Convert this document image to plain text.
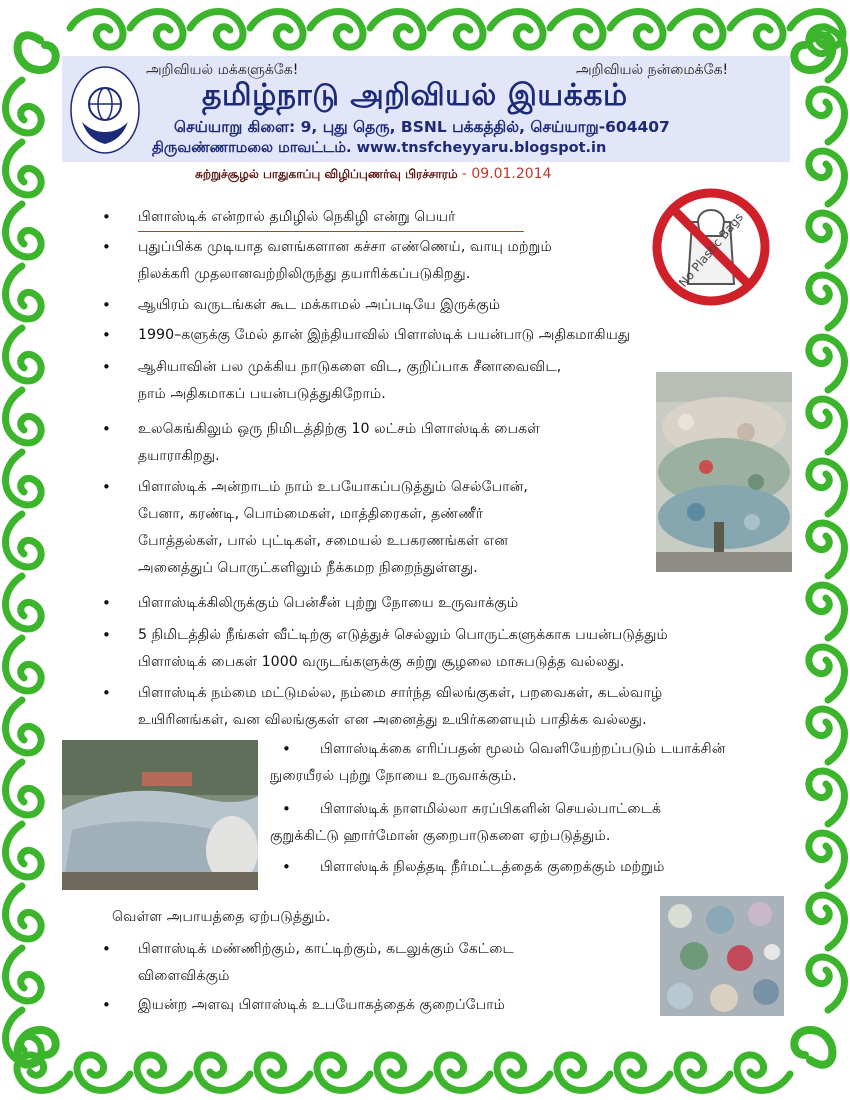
அறிவியல் மக்களுக்கே!	அறிவியல் நன்மைக்கே!
தமிழ்நாடு அறிவியல் இயக்கம்
செய்யாறு கிளை: 9, புது தெரு, BSNL பக்கத்தில், செய்யாறு-604407
திருவண்ணாமலை மாவட்டம். www.tnsfcheyyaru.blogspot.in
சுற்றுச்சூழல் பாதுகாப்பு விழிப்புணர்வு பிரச்சாரம் - 09.01.2014
No Plastic Bags
• பிளாஸ்டிக் என்றால் தமிழில் நெகிழி என்று பெயர்
• புதுப்பிக்க முடியாத வளங்களான கச்சா எண்ணெய், வாயு மற்றும்
நிலக்கரி முதலானவற்றிலிருந்து தயாரிக்கப்படுகிறது.
• ஆயிரம் வருடங்கள் கூட மக்காமல் அப்படியே இருக்கும்
• 1990–களுக்கு மேல் தான் இந்தியாவில் பிளாஸ்டிக் பயன்பாடு அதிகமாகியது
• ஆசியாவின் பல முக்கிய நாடுகளை விட, குறிப்பாக சீனாவைவிட,
நாம் அதிகமாகப் பயன்படுத்துகிறோம்.
• உலகெங்கிலும் ஒரு நிமிடத்திற்கு 10 லட்சம் பிளாஸ்டிக் பைகள்
தயாராகிறது.
• பிளாஸ்டிக் அன்றாடம் நாம் உபயோகப்படுத்தும் செல்போன்,
பேனா, கரண்டி, பொம்மைகள், மாத்திரைகள், தண்ணீர்
போத்தல்கள், பால் புட்டிகள், சமையல் உபகரணங்கள் என
அனைத்துப் பொருட்களிலும் நீக்கமற நிறைந்துள்ளது.
• பிளாஸ்டிக்கிலிருக்கும் பென்சீன் புற்று நோயை உருவாக்கும்
• 5 நிமிடத்தில் நீங்கள் வீட்டிற்கு எடுத்துச் செல்லும் பொருட்களுக்காக பயன்படுத்தும்
பிளாஸ்டிக் பைகள் 1000 வருடங்களுக்கு சுற்று சூழலை மாசுபடுத்த வல்லது.
• பிளாஸ்டிக் நம்மை மட்டுமல்ல, நம்மை சார்ந்த விலங்குகள், பறவைகள், கடல்வாழ்
உயிரினங்கள், வன விலங்குகள் என அனைத்து உயிர்களையும் பாதிக்க வல்லது.
• பிளாஸ்டிக்கை எரிப்பதன் மூலம் வெளியேற்றப்படும் டயாக்சின்
நுரையீரல் புற்று நோயை உருவாக்கும்.
• பிளாஸ்டிக் நாளமில்லா சுரப்பிகளின் செயல்பாட்டைக்
குறுக்கிட்டு ஹார்மோன் குறைபாடுகளை ஏற்படுத்தும்.
• பிளாஸ்டிக் நிலத்தடி நீர்மட்டத்தைக் குறைக்கும் மற்றும்
வெள்ள அபாயத்தை ஏற்படுத்தும்.
• பிளாஸ்டிக் மண்ணிற்கும், காட்டிற்கும், கடலுக்கும் கேட்டை
விளைவிக்கும்
• இயன்ற அளவு பிளாஸ்டிக் உபயோகத்தைக் குறைப்போம்
